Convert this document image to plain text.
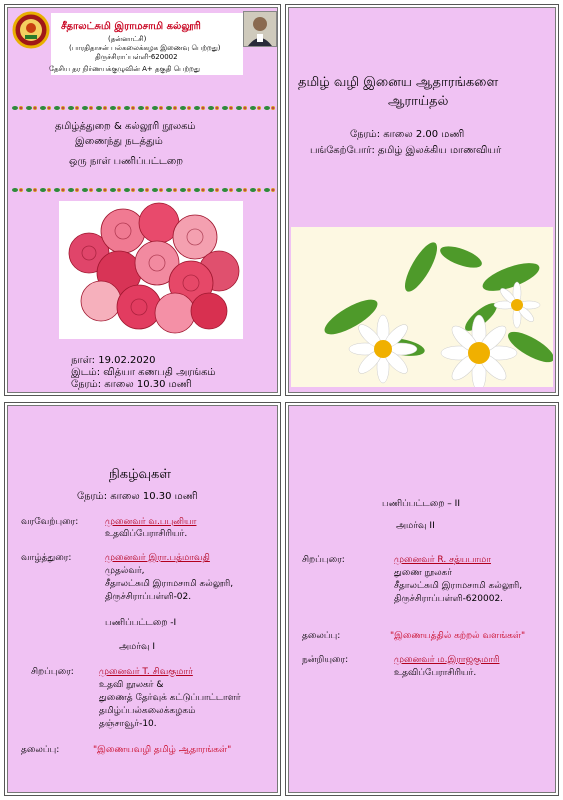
சீதாலட்சுமி இராமசாமி கல்லூரி
(தன்னாட்சி)
(பாரதிதாசன் பல்கலைக்கழக இணைவு பெற்றது)
திருச்சிராப்பள்ளி-620002
தேசிய தர நிர்ணயக்குழுவின் A+ தகுதி பெற்றது
தமிழ்த்துறை & கல்லூரி நூலகம்
இணைந்து நடத்தும்
ஒரு நாள் பணிப்பட்டறை
நாள்: 19.02.2020
இடம்: வித்யா கணபதி அரங்கம்
நேரம்: காலை 10.30 மணி
தமிழ் வழி இனைய ஆதாரங்களை
ஆராய்தல்
நேரம்: காலை 2.00 மணி
பங்கேற்போர்: தமிழ் இலக்கிய மாணவியர்
நிகழ்வுகள்
நேரம்: காலை 10.30 மணி
வரவேற்புரை:	முனைவர் வ.பபுனியா
உதவிப்பேராசிரியர்.
வாழ்த்துரை:	முனைவர் இரா.பத்மாவதி
முதல்வர்,
சீதாலட்சுமி இராமசாமி கல்லூரி,
திருச்சிராப்பள்ளி-02.
பணிப்பட்டறை -I
அமர்வு I
சிறப்புரை:	முனைவர் T. சிவகுமார்
உதவி நூலகர் &
துணைத் தேர்வுக் கட்டுப்பாட்டாளர்
தமிழ்ப்பல்கலைக்கழகம்
தஞ்சாவூர்-10.
தலைப்பு:	"இணையவழி தமிழ் ஆதாரங்கள்"
பணிப்பட்டறை – II
அமர்வு II
சிறப்புரை:	முனைவர் R. சத்யபாமா
துணை நூலகர்
சீதாலட்சுமி இராமசாமி கல்லூரி,
திருச்சிராப்பள்ளி-620002.
தலைப்பு:	"இணையத்தில் கற்றல் வளங்கள்"
நன்றியுரை:	முனைவர் ம.இராஜகுமாரி
உதவிப்பேராசிரியர்.
